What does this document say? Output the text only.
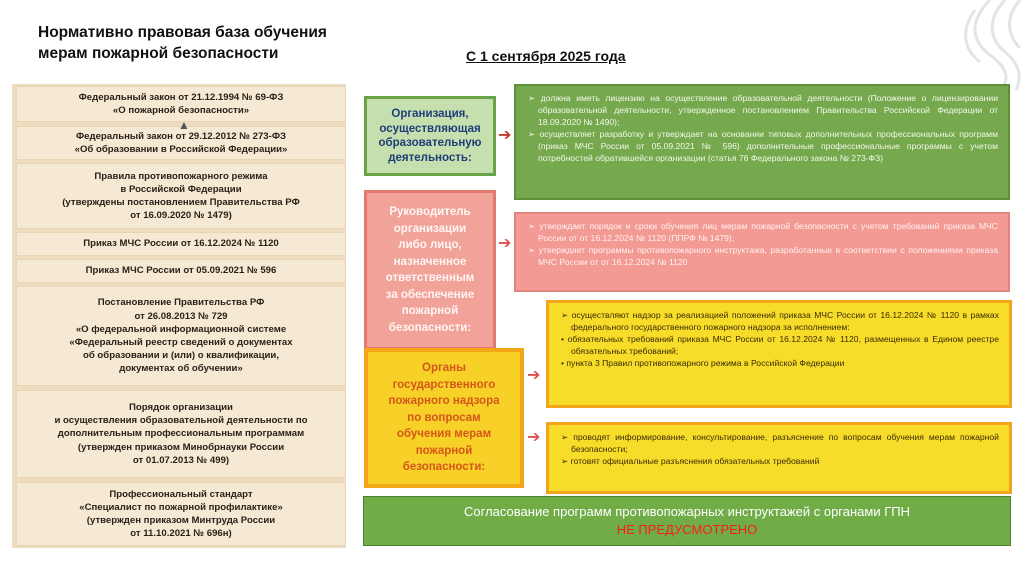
Нормативно правовая база обучения
мерам пожарной безопасности	С 1 сентября 2025 года
Федеральный закон от 21.12.1994 № 69-ФЗ
«О пожарной безопасности»
Федеральный закон от 29.12.2012 № 273-ФЗ
«Об образовании в Российской Федерации»
Правила противопожарного режима
в Российской Федерации
(утверждены постановлением Правительства РФ
от 16.09.2020 № 1479)
Приказ МЧС России от 16.12.2024 № 1120
Приказ МЧС России от 05.09.2021 № 596
Постановление Правительства РФ
от 26.08.2013 № 729
«О федеральной информационной системе
«Федеральный реестр сведений о документах
об образовании и (или) о квалификации,
документах об обучении»
Порядок организации
и осуществления образовательной деятельности по
дополнительным профессиональным программам
(утвержден приказом Минобрнауки России
от 01.07.2013 № 499)
Профессиональный стандарт
«Специалист по пожарной профилактике»
(утвержден приказом Минтруда России
от 11.10.2021 № 696н)
▲
Организация,
осуществляющая
образовательную
деятельность:
➔
➢ должна иметь лицензию на осуществление образовательной деятельности (Положение о лицензировании образовательной деятельности, утвержденное постановлением Правительства Российской Федерации от 18.09.2020 № 1490);
➢ осуществляет разработку и утверждает на основании типовых дополнительных профессиональных программ (приказ МЧС России от 05.09.2021 № 596) дополнительные профессиональные программы с учетом потребностей обратившейся организации (статья 76 Федерального закона № 273-ФЗ)
Руководитель
организации
либо лицо,
назначенное
ответственным
за обеспечение
пожарной
безопасности:
➔
➢ утверждает порядок и сроки обучения лиц мерам пожарной безопасности с учетом требований приказа МЧС России от от 16.12.2024 № 1120 (ППРФ № 1479);
➢ утверждает программы противопожарного инструктажа, разработанные в соответствии с положениями приказа МЧС России от от 16.12.2024 № 1120
Органы
государственного
пожарного надзора
по вопросам
обучения мерам
пожарной
безопасности:
➔
➔
➢ осуществляют надзор за реализацией положений приказа МЧС России от 16.12.2024 № 1120 в рамках федерального государственного пожарного надзора за исполнением:
• обязательных требований приказа МЧС России от 16.12.2024 № 1120, размещенных в Едином реестре обязательных требований;
• пункта 3 Правил противопожарного режима в Российской Федерации
➢ проводят информирование, консультирование, разъяснение по вопросам обучения мерам пожарной безопасности;
➢ готовят официальные разъяснения обязательных требований
Согласование программ противопожарных инструктажей с органами ГПН
НЕ ПРЕДУСМОТРЕНО
